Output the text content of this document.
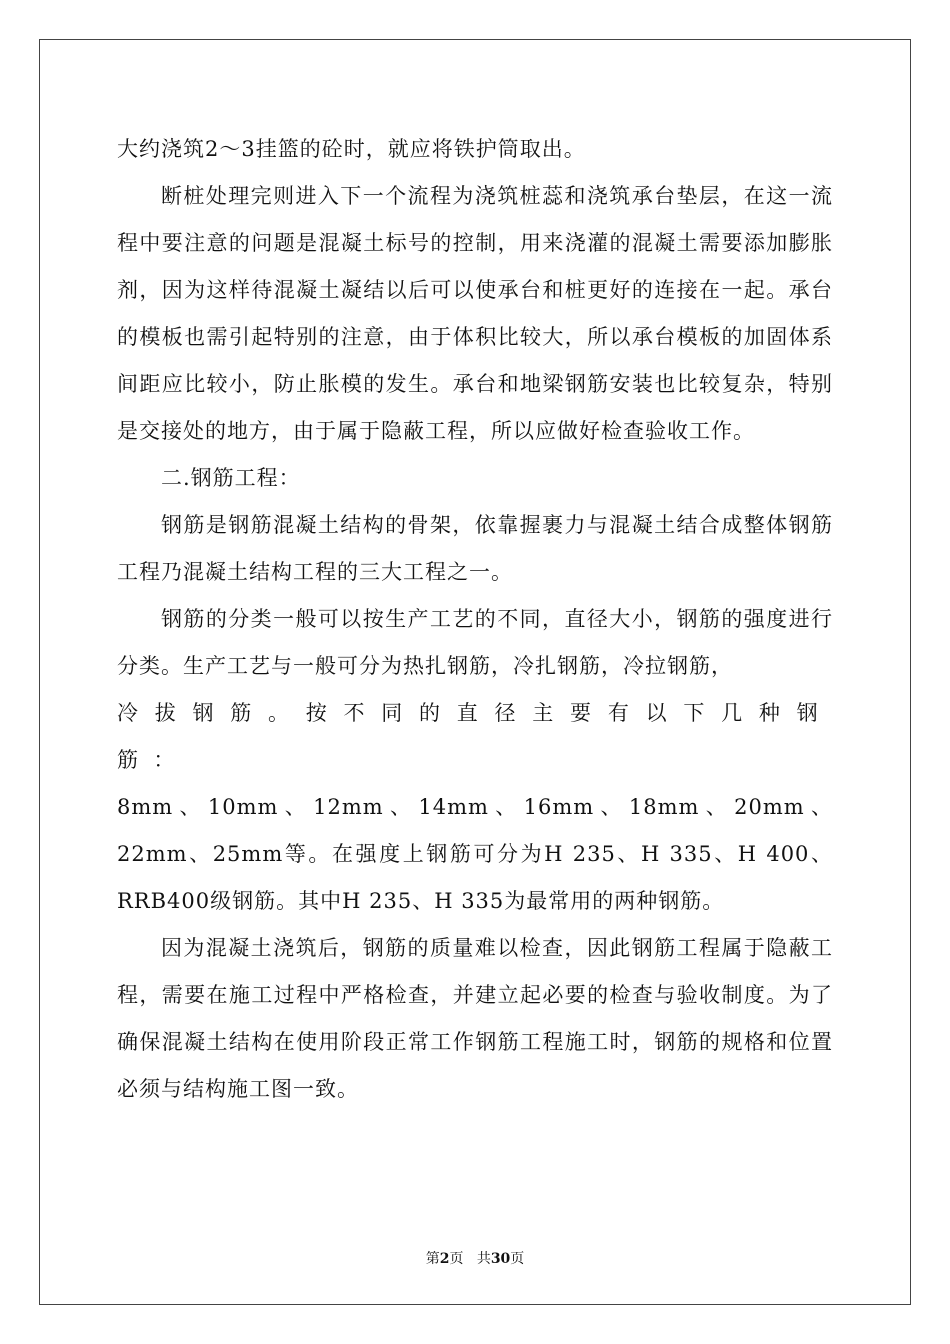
大约浇筑2～3挂篮的砼时，就应将铁护筒取出。

断桩处理完则进入下一个流程为浇筑桩蕊和浇筑承台垫层，在这一流程中要注意的问题是混凝土标号的控制，用来浇灌的混凝土需要添加膨胀剂，因为这样待混凝土凝结以后可以使承台和桩更好的连接在一起。承台的模板也需引起特别的注意，由于体积比较大，所以承台模板的加固体系间距应比较小，防止胀模的发生。承台和地梁钢筋安装也比较复杂，特别是交接处的地方，由于属于隐蔽工程，所以应做好检查验收工作。

二.钢筋工程：

钢筋是钢筋混凝土结构的骨架，依靠握裹力与混凝土结合成整体钢筋工程乃混凝土结构工程的三大工程之一。

钢筋的分类一般可以按生产工艺的不同，直径大小，钢筋的强度进行分类。生产工艺与一般可分为热扎钢筋，冷扎钢筋，冷拉钢筋，

冷拔钢筋。按不同的直径主要有以下几种钢筋：

8mm、10mm、12mm、14mm、16mm、18mm、20mm、22mm、25mm等。在强度上钢筋可分为H 235、H 335、H 400、RRB400级钢筋。其中H 235、H 335为最常用的两种钢筋。

因为混凝土浇筑后，钢筋的质量难以检查，因此钢筋工程属于隐蔽工程，需要在施工过程中严格检查，并建立起必要的检查与验收制度。为了确保混凝土结构在使用阶段正常工作钢筋工程施工时，钢筋的规格和位置必须与结构施工图一致。

第2页 共30页
